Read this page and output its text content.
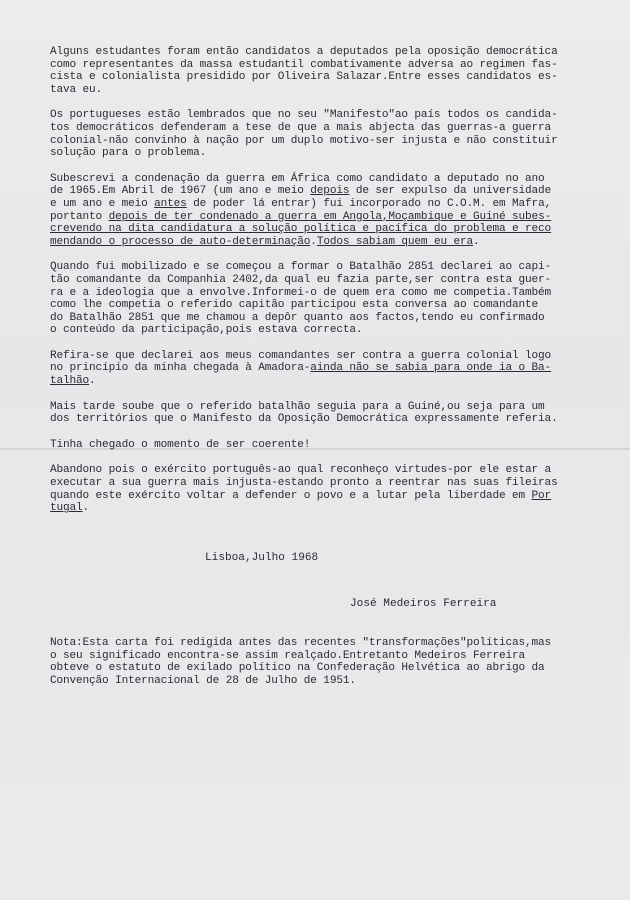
Alguns estudantes foram então candidatos a deputados pela oposição democrática
como representantes da massa estudantil combativamente adversa ao regimen fas-
cista e colonialista presidido por Oliveira Salazar.Entre esses candidatos es-
tava eu.
Os portugueses estão lembrados que no seu "Manifesto"ao país todos os candida-
tos democráticos defenderam a tese de que a mais abjecta das guerras-a guerra
colonial-não convinho à nação por um duplo motivo-ser injusta e não constituir
solução para o problema.
Subescrevi a condenação da guerra em África como candidato a deputado no ano
de 1965.Em Abril de 1967 (um ano e meio depois de ser expulso da universidade
e um ano e meio antes de poder lá entrar) fui incorporado no C.O.M. em Mafra,
portanto depois de ter condenado a guerra em Angola,Moçambique e Guiné subes-
crevendo na dita candidatura a solução política e pacífica do problema e reco
mendando o processo de auto-determinação.Todos sabiam quem eu era.
Quando fui mobilizado e se começou a formar o Batalhão 2851 declarei ao capi-
tão comandante da Companhia 2402,da qual eu fazia parte,ser contra esta guer-
ra e a ideologia que a envolve.Informei-o de quem era como me competia.Também
como lhe competia o referido capitão participou esta conversa ao comandante
do Batalhão 2851 que me chamou a depôr quanto aos factos,tendo eu confirmado
o conteúdo da participação,pois estava correcta.
Refira-se que declarei aos meus comandantes ser contra a guerra colonial logo
no princípio da minha chegada à Amadora-ainda não se sabia para onde ia o Ba-
talhão.
Mais tarde soube que o referido batalhão seguia para a Guiné,ou seja para um
dos territórios que o Manifesto da Oposição Democrática expressamente referia.
Tinha chegado o momento de ser coerente!
Abandono pois o exército português-ao qual reconheço virtudes-por ele estar a
executar a sua guerra mais injusta-estando pronto a reentrar nas suas fileiras
quando este exército voltar a defender o povo e a lutar pela liberdade em Por
tugal.
Lisboa,Julho 1968
José Medeiros Ferreira
Nota:Esta carta foi redigida antes das recentes "transformações"políticas,mas
o seu significado encontra-se assim realçado.Entretanto Medeiros Ferreira
obteve o estatuto de exilado político na Confederação Helvética ao abrigo da
Convenção Internacional de 28 de Julho de 1951.
